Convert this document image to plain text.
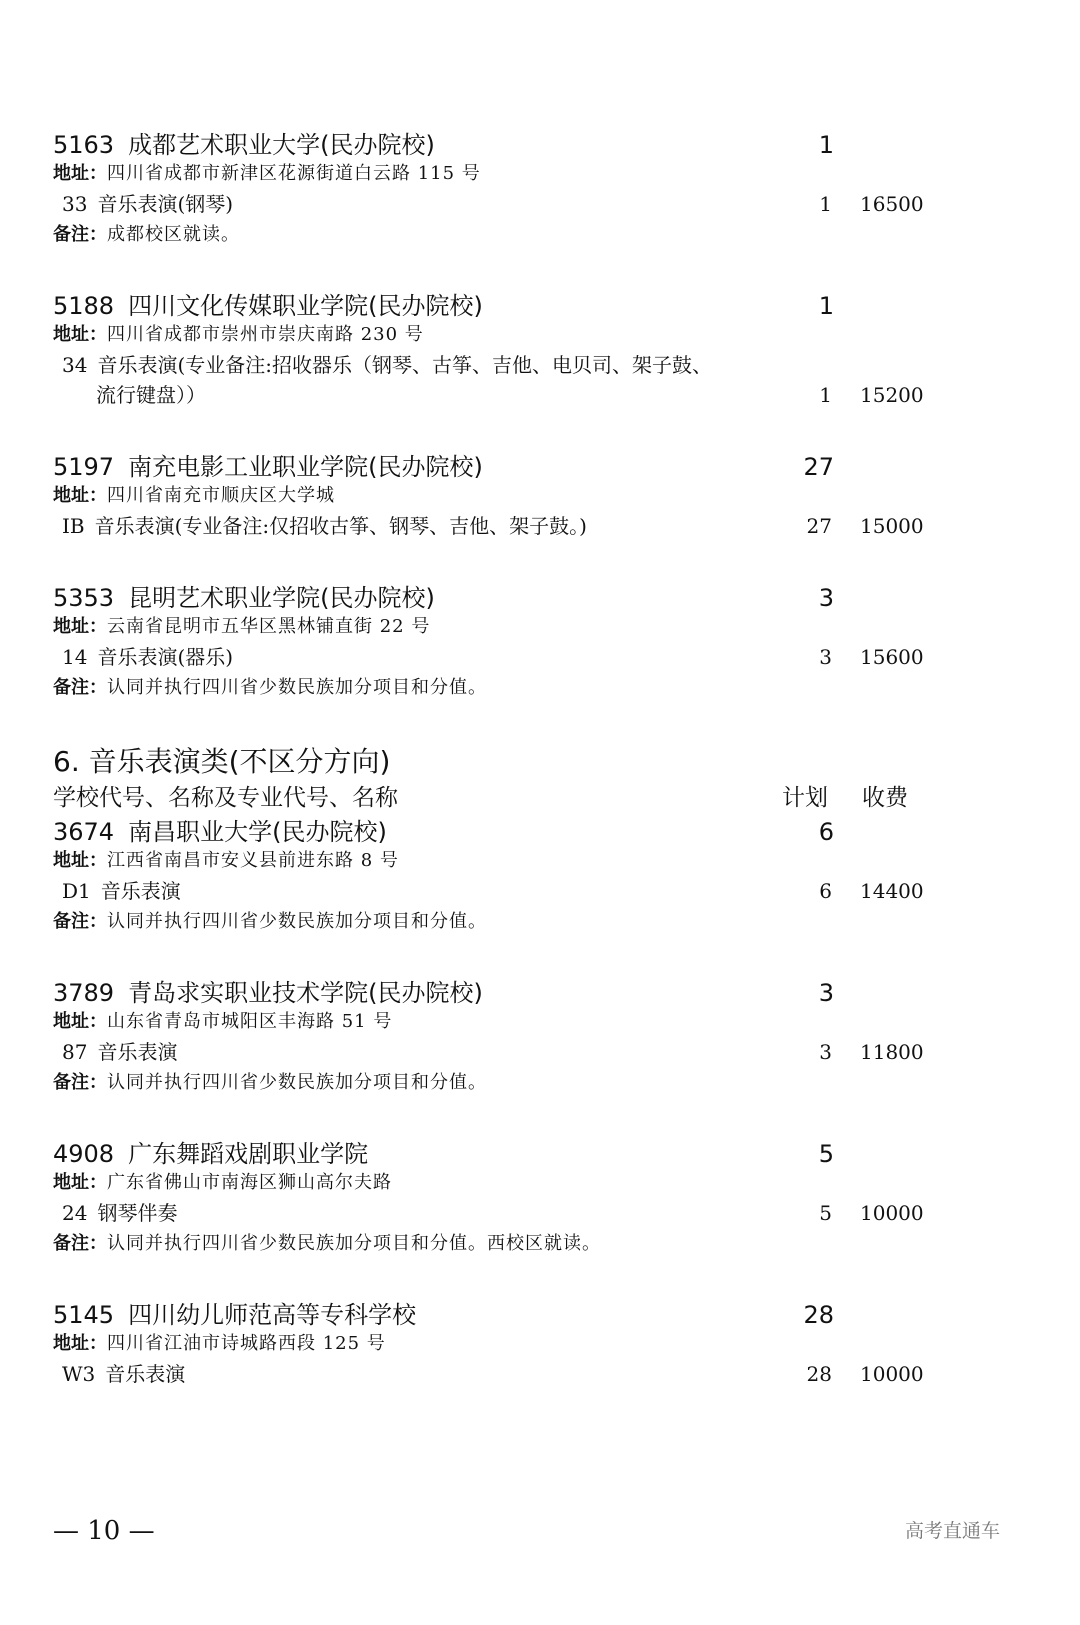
5163 成都艺术职业大学(民办院校)	1
地址：四川省成都市新津区花源街道白云路 115 号
33 音乐表演(钢琴)	1 16500
备注：成都校区就读。
5188 四川文化传媒职业学院(民办院校)	1
地址：四川省成都市崇州市崇庆南路 230 号
34 音乐表演(专业备注:招收器乐（钢琴、古筝、吉他、电贝司、架子鼓、
流行键盘））	1 15200
5197 南充电影工业职业学院(民办院校)	27
地址：四川省南充市顺庆区大学城
IB 音乐表演(专业备注:仅招收古筝、钢琴、吉他、架子鼓。)	27 15000
5353 昆明艺术职业学院(民办院校)	3
地址：云南省昆明市五华区黑林铺直街 22 号
14 音乐表演(器乐)	3 15600
备注：认同并执行四川省少数民族加分项目和分值。
6. 音乐表演类(不区分方向)
学校代号、名称及专业代号、名称	计划 收费
3674 南昌职业大学(民办院校)	6
地址：江西省南昌市安义县前进东路 8 号
D1 音乐表演	6 14400
备注：认同并执行四川省少数民族加分项目和分值。
3789 青岛求实职业技术学院(民办院校)	3
地址：山东省青岛市城阳区丰海路 51 号
87 音乐表演	3 11800
备注：认同并执行四川省少数民族加分项目和分值。
4908 广东舞蹈戏剧职业学院	5
地址：广东省佛山市南海区狮山高尔夫路
24 钢琴伴奏	5 10000
备注：认同并执行四川省少数民族加分项目和分值。西校区就读。
5145 四川幼儿师范高等专科学校	28
地址：四川省江油市诗城路西段 125 号
W3 音乐表演	28 10000
— 10 —	高考直通车
